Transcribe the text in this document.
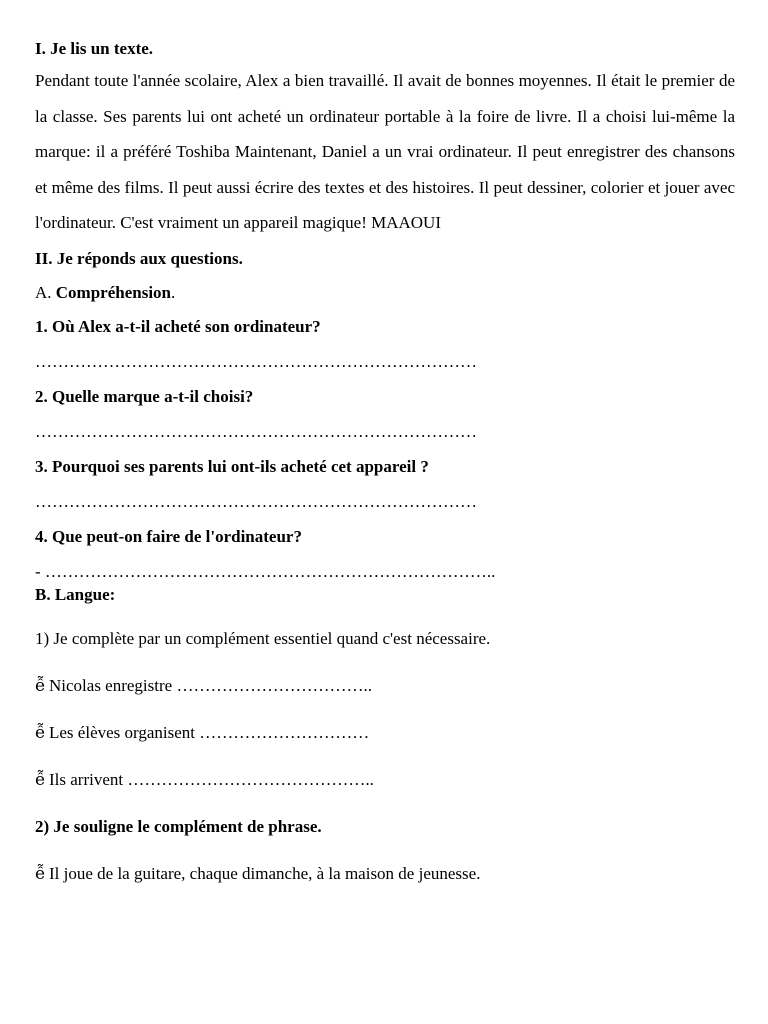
I. Je lis un texte.

Pendant toute l'année scolaire, Alex a bien travaillé. Il avait de bonnes moyennes. Il était le premier de la classe. Ses parents lui ont acheté un ordinateur portable à la foire de livre. Il a choisi lui-même la marque: il a préféré Toshiba Maintenant, Daniel a un vrai ordinateur. Il peut enregistrer des chansons et même des films. Il peut aussi écrire des textes et des histoires. Il peut dessiner, colorier et jouer avec l'ordinateur. C'est vraiment un appareil magique! MAAOUI

II. Je réponds aux questions.
A. Compréhension.
1. Où Alex a-t-il acheté son ordinateur?
……………………………………………………………………
2. Quelle marque a-t-il choisi?
……………………………………………………………………
3. Pourquoi ses parents lui ont-ils acheté cet appareil ?
……………………………………………………………………
4. Que peut-on faire de l'ordinateur?
- ……………………………………………………………………..
B. Langue:
1) Je complète par un complément essentiel quand c'est nécessaire.
ễ Nicolas enregistre ……………………………..
ễ Les élèves organisent …………………………
ễ Ils arrivent ……………………………………..
2) Je souligne le complément de phrase.
ễ Il joue de la guitare, chaque dimanche, à la maison de jeunesse.
